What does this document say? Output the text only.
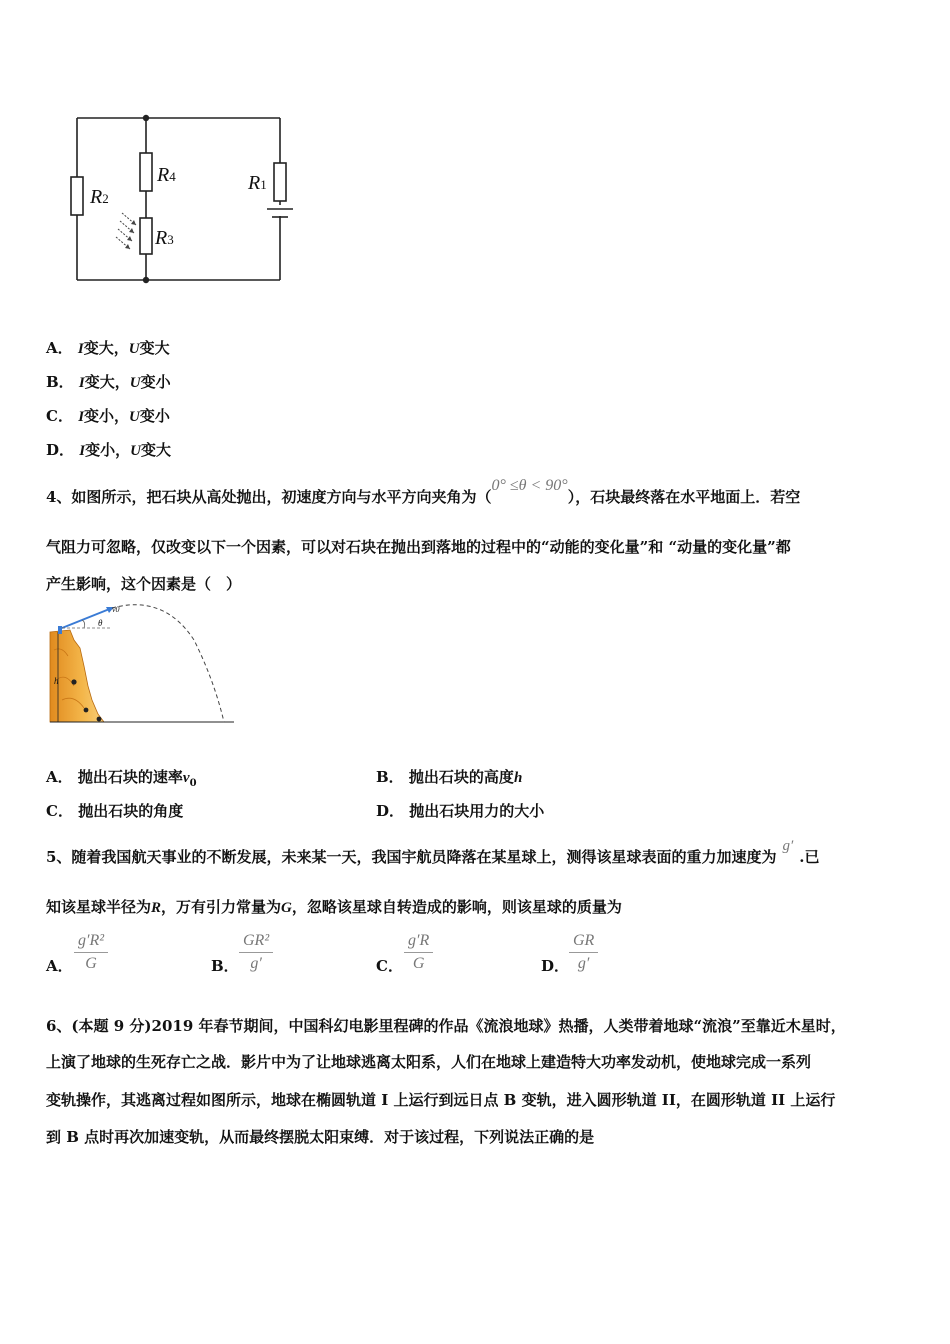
R4
R3
R2
R1
A． I变大，U变大
B． I变大，U变小
C． I变小，U变小
D． I变小，U变大
4、如图所示，把石块从高处抛出，初速度方向与水平方向夹角为（0° ≤θ < 90°），石块最终落在水平地面上．若空
气阻力可忽略，仅改变以下一个因素，可以对石块在抛出到落地的过程中的“动能的变化量”和 “动量的变化量”都
产生影响，这个因素是（　）
h
θ
v0
A． 抛出石块的速率$v_0$	B． 抛出石块的高度h
C． 抛出石块的角度	D． 抛出石块用力的大小
5、随着我国航天事业的不断发展，未来某一天，我国宇航员降落在某星球上，测得该星球表面的重力加速度为g′.已
知该星球半径为R，万有引力常量为G，忽略该星球自转造成的影响，则该星球的质量为
A． $\frac{\text{g′R²}}{G}$	B． $\frac{\text{GR²}}{g'}$	C． $\frac{g'R}{G}$	D． $\frac{GR}{g'}$
6、(本题 9 分)2019 年春节期间，中国科幻电影里程碑的作品《流浪地球》热播，人类带着地球“流浪”至靠近木星时，
上演了地球的生死存亡之战．影片中为了让地球逃离太阳系，人们在地球上建造特大功率发动机，使地球完成一系列
变轨操作，其逃离过程如图所示，地球在椭圆轨道 I 上运行到远日点 B 变轨，进入圆形轨道 II，在圆形轨道 II 上运行
到 B 点时再次加速变轨，从而最终摆脱太阳束缚．对于该过程，下列说法正确的是
